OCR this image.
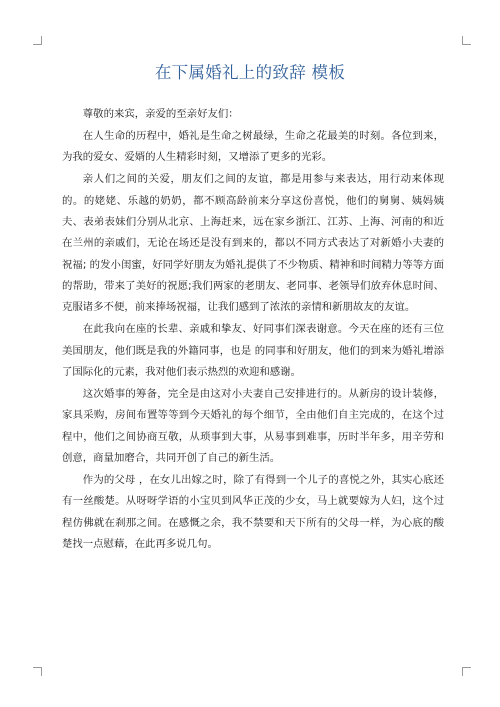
在下属婚礼上的致辞 模板

尊敬的来宾，亲爱的至亲好友们：

在人生命的历程中，婚礼是生命之树最绿，生命之花最美的时刻。各位到来，为我的爱女、爱婿的人生精彩时刻，又增添了更多的光彩。

亲人们之间的关爱，朋友们之间的友谊，都是用参与来表达，用行动来体现的。的姥姥、乐越的奶奶，都不顾高龄前来分享这份喜悦，他们的舅舅、姨妈姨夫、表弟表妹们分别从北京、上海赶来，远在家乡浙江、江苏、上海、河南的和近在兰州的亲戚们，无论在场还是没有到来的，都以不同方式表达了对新婚小夫妻的祝福; 的发小闺蜜，好同学好朋友为婚礼提供了不少物质、精神和时间精力等等方面的帮助，带来了美好的祝愿;我们两家的老朋友、老同事、老领导们放弃休息时间、克服诸多不便，前来捧场祝福，让我们感到了浓浓的亲情和新朋故友的友谊。

在此我向在座的长辈、亲戚和挚友、好同事们深表谢意。今天在座的还有三位美国朋友，他们既是我的外籍同事，也是 的同事和好朋友，他们的到来为婚礼增添了国际化的元素，我对他们表示热烈的欢迎和感谢。

这次婚事的筹备，完全是由这对小夫妻自己安排进行的。从新房的设计装修，家具采购，房间布置等等到今天婚礼的每个细节，全由他们自主完成的，在这个过程中，他们之间协商互敬，从琐事到大事，从易事到难事，历时半年多，用辛劳和创意，商量加磨合，共同开创了自己的新生活。

作为的父母 ，在女儿出嫁之时，除了有得到一个儿子的喜悦之外，其实心底还有一丝酸楚。从呀呀学语的小宝贝到风华正茂的少女，马上就要嫁为人妇，这个过程仿佛就在刹那之间。在感慨之余，我不禁要和天下所有的父母一样，为心底的酸楚找一点慰藉，在此再多说几句。
